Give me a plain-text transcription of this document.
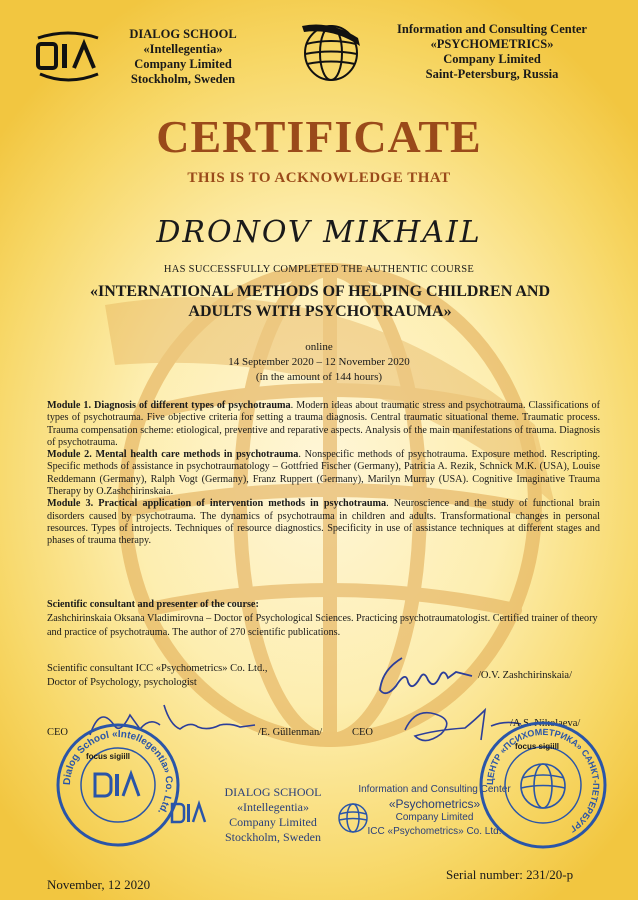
DIALOG SCHOOL
«Intellegentia»
Company Limited
Stockholm, Sweden
Information and Consulting Center
«PSYCHOMETRICS»
Company Limited
Saint-Petersburg, Russia
CERTIFICATE
THIS IS TO ACKNOWLEDGE THAT
DRONOV MIKHAIL
HAS SUCCESSFULLY COMPLETED THE AUTHENTIC COURSE
«INTERNATIONAL METHODS OF HELPING CHILDREN AND ADULTS WITH PSYCHOTRAUMA»
online
14 September 2020 – 12 November 2020
(in the amount of 144 hours)

Module 1. Diagnosis of different types of psychotrauma. Modern ideas about traumatic stress and psychotrauma. Classifications of types of psychotrauma. Five objective criteria for setting a trauma diagnosis. Central traumatic situational theme. Traumatic process. Trauma compensation scheme: etiological, preventive and reparative aspects. Analysis of the main manifestations of trauma. Diagnosis of psychotrauma.

Module 2. Mental health care methods in psychotrauma. Nonspecific methods of psychotrauma. Exposure method. Rescripting. Specific methods of assistance in psychotraumatology – Gottfried Fischer (Germany), Patricia A. Rezik, Schnick M.K. (USA), Louise Reddemann (Germany), Ralph Vogt (Germany), Franz Ruppert (Germany), Marilyn Murray (USA). Cognitive Imaginative Trauma Therapy by O.Zashchirinskaia.

Module 3. Practical application of intervention methods in psychotrauma. Neuroscience and the study of functional brain disorders caused by psychotrauma. The dynamics of psychotrauma in children and adults. Transformational changes in personal resources. Types of introjects. Techniques of resource diagnostics. Specificity in use of assistance techniques at different stages and phases of trauma therapy.

Scientific consultant and presenter of the course:
Zashchirinskaia Oksana Vladimirovna – Doctor of Psychological Sciences. Practicing psychotraumatologist. Certified trainer of theory and practice of psychotrauma. The author of 270 scientific publications.
Scientific consultant ICC «Psychometrics» Co. Ltd.,
Doctor of Psychology, psychologist
/O.V. Zashchirinskaia/
CEO	/E. Güllenman/	CEO
/A.S. Nikolaeva/
Dialog School «Intellegentia» Co. Ltd.
focus sigiill
DIALOG SCHOOL
«Intellegentia»
Company Limited
Stockholm, Sweden
Information and Consulting Center
«Psychometrics»
Company Limited
ICC «Psychometrics» Co. Ltd.
ЦЕНТР «ПСИХОМЕТРИКА» САНКТ-ПЕТЕРБУРГ
focus sigiill
November, 12 2020
Serial number: 231/20-p
